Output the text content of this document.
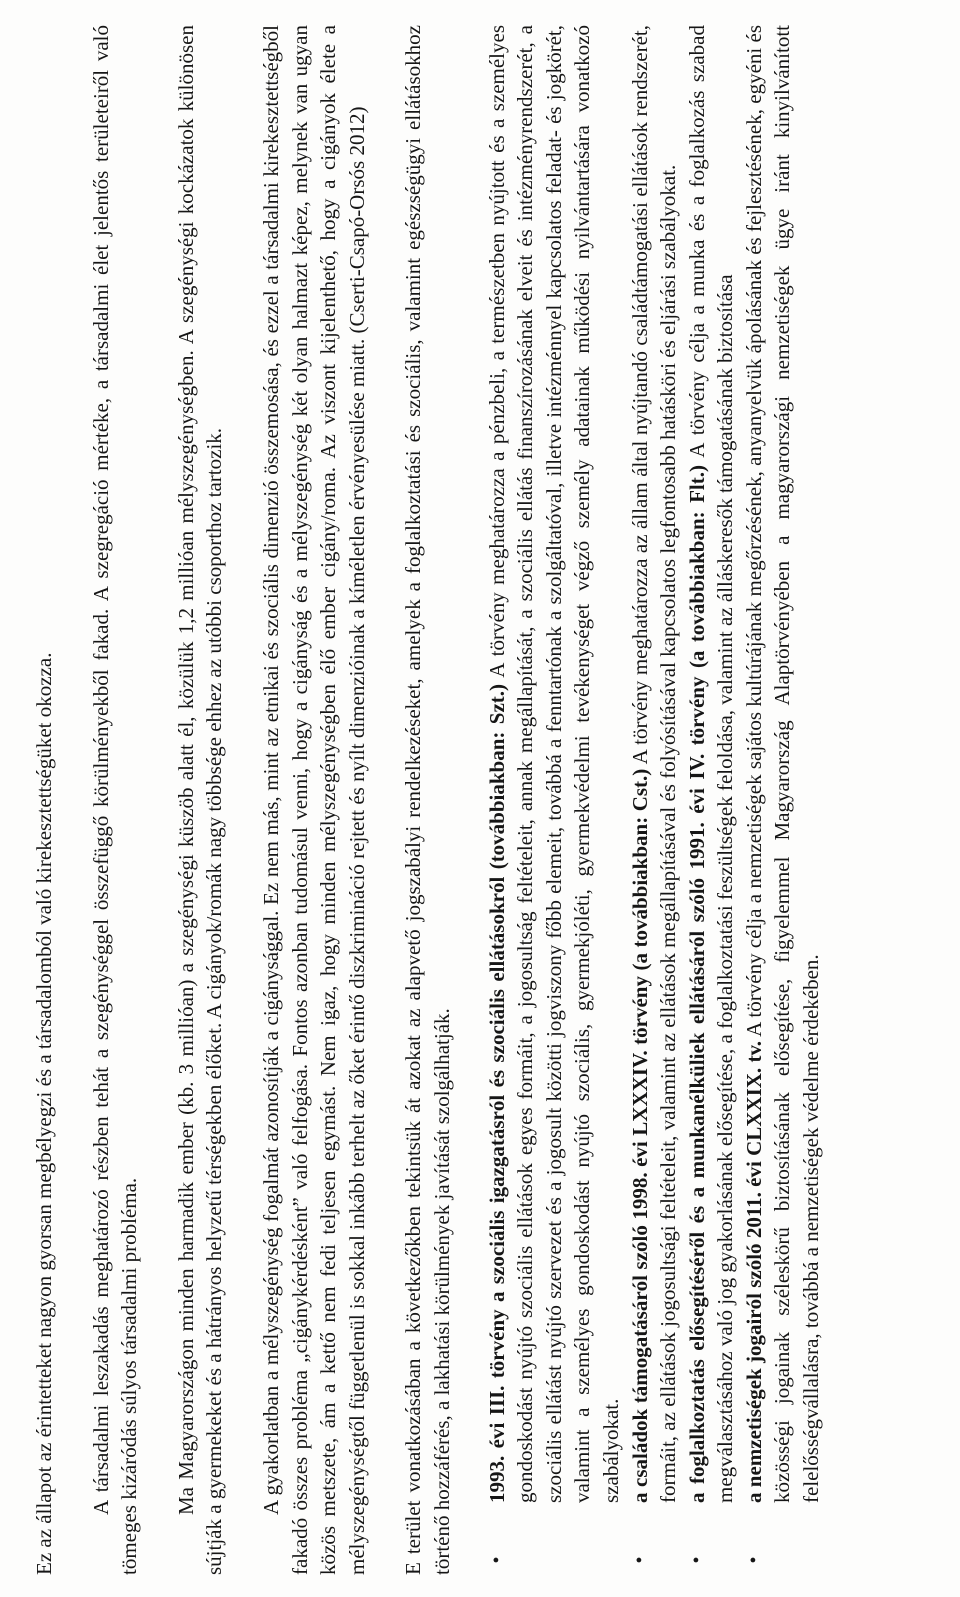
Ez az állapot az érintetteket nagyon gyorsan megbélyegzi és a társadalomból való kirekesztettségüket okozza. A társadalmi leszakadás meghatározó részben tehát a szegénységgel összefüggő körülményekből fakad. A szegregáció mértéke, a társadalmi élet jelentős területeiről való tömeges kizáródás súlyos társadalmi probléma. Ma Magyarországon minden harmadik ember (kb. 3 millióan) a szegénységi küszöb alatt él, közülük 1,2 millióan mélyszegénységben. A szegénységi kockázatok különösen sújtják a gyermekeket és a hátrányos helyzetű térségekben élőket. A cigányok/romák nagy többsége ehhez az utóbbi csoporthoz tartozik. A gyakorlatban a mélyszegénység fogalmát azonosítják a cigánysággal. Ez nem más, mint az etnikai és szociális dimenzió összemosása, és ezzel a társadalmi kirekesztettségből fakadó összes probléma „cigánykérdésként” való felfogása. Fontos azonban tudomásul venni, hogy a cigányság és a mélyszegénység két olyan halmazt képez, melynek van ugyan közös metszete, ám a kettő nem fedi teljesen egymást. Nem igaz, hogy minden mélyszegénységben élő ember cigány/roma. Az viszont kijelenthető, hogy a cigányok élete a mélyszegénységtől függetlenül is sokkal inkább terhelt az őket érintő diszkrimináció rejtett és nyílt dimenzióinak a kíméletlen érvényesülése miatt. (Cserti-Csapó-Orsós 2012) E terület vonatkozásában a következőkben tekintsük át azokat az alapvető jogszabályi rendelkezéseket, amelyek a foglalkoztatási és szociális, valamint egészségügyi ellátásokhoz történő hozzáférés, a lakhatási körülmények javítását szolgálhatják. •
1993. évi III. törvény a szociális igazgatásról és szociális ellátásokról (továbbiakban: Szt.) A törvény meghatározza a pénzbeli, a természetben nyújtott és a személyes gondoskodást nyújtó szociális ellátások egyes formáit, a jogosultság feltételeit, annak megállapítását, a szociális ellátás finanszírozásának elveit és intézményrendszerét, a szociális ellátást nyújtó szervezet és a jogosult közötti jogviszony főbb elemeit, továbbá a fenntartónak a szolgáltatóval, illetve intézménnyel kapcsolatos feladat- és jogkörét, valamint a személyes gondoskodást nyújtó szociális, gyermekjóléti, gyermekvédelmi tevékenységet végző személy adatainak működési nyilvántartására vonatkozó szabályokat.
•
a családok támogatásáról szóló 1998. évi LXXXIV. törvény (a továbbiakban: Cst.) A törvény meghatározza az állam által nyújtandó családtámogatási ellátások rendszerét, formáit, az ellátások jogosultsági feltételeit, valamint az ellátások megállapításával és folyósításával kapcsolatos legfontosabb hatásköri és eljárási szabályokat.
•
a foglalkoztatás elősegítéséről és a munkanélküliek ellátásáról szóló 1991. évi IV. törvény (a továbbiakban: Flt.) A törvény célja a munka és a foglalkozás szabad megválasztásához való jog gyakorlásának elősegítése, a foglalkoztatási feszültségek feloldása, valamint az álláskeresők támogatásának biztosítása
•
a nemzetiségek jogairól szóló 2011. évi CLXXIX. tv. A törvény célja a nemzetiségek sajátos kultúrájának megőrzésének, anyanyelvük ápolásának és fejlesztésének, egyéni és közösségi jogainak széleskörű biztosításának elősegítése, figyelemmel Magyarország Alaptörvényében a magyarországi nemzetiségek ügye iránt kinyilvánított felelősségvállalásra, továbbá a nemzetiségek védelme érdekében.
